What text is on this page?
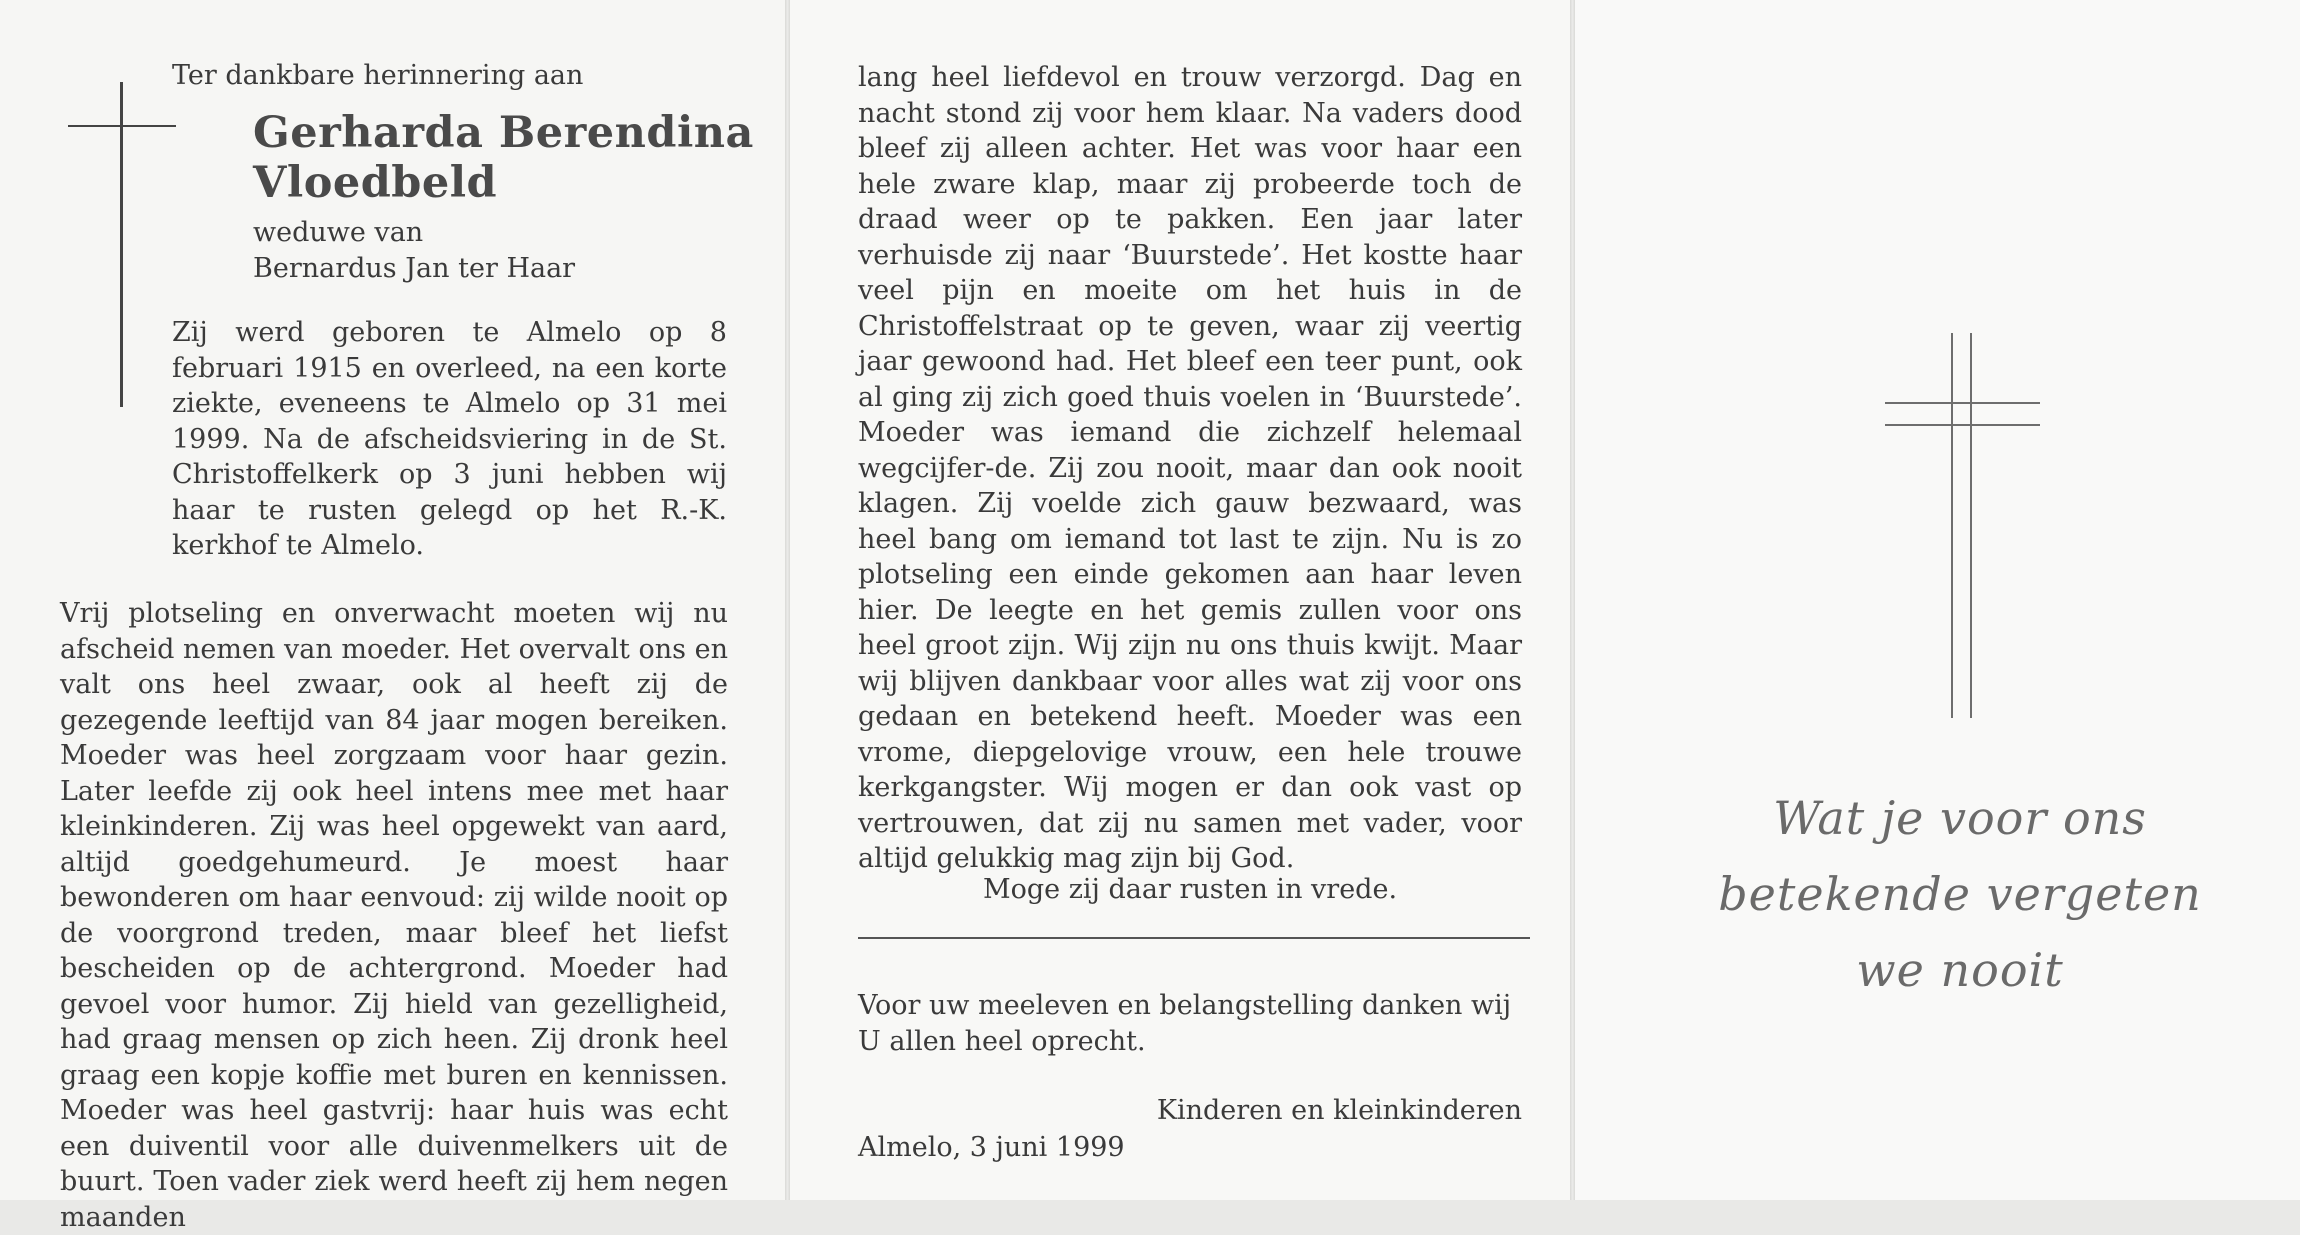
Ter dankbare herinnering aan

Gerharda Berendina
Vloedbeld
weduwe van
Bernardus Jan ter Haar

Zij werd geboren te Almelo op 8 februari 1915 en overleed, na een korte ziekte, eveneens te Almelo op 31 mei 1999. Na de afscheidsviering in de St. Christoffelkerk op 3 juni hebben wij haar te rusten gelegd op het R.-K. kerkhof te Almelo.

Vrij plotseling en onverwacht moeten wij nu afscheid nemen van moeder. Het overvalt ons en valt ons heel zwaar, ook al heeft zij de gezegende leeftijd van 84 jaar mogen bereiken. Moeder was heel zorgzaam voor haar gezin. Later leefde zij ook heel intens mee met haar kleinkinderen. Zij was heel opgewekt van aard, altijd goedgehumeurd. Je moest haar bewonderen om haar eenvoud: zij wilde nooit op de voorgrond treden, maar bleef het liefst bescheiden op de achtergrond. Moeder had gevoel voor humor. Zij hield van gezelligheid, had graag mensen op zich heen. Zij dronk heel graag een kopje koffie met buren en kennissen. Moeder was heel gastvrij: haar huis was echt een duiventil voor alle duivenmelkers uit de buurt. Toen vader ziek werd heeft zij hem negen maanden

lang heel liefdevol en trouw verzorgd. Dag en nacht stond zij voor hem klaar. Na vaders dood bleef zij alleen achter. Het was voor haar een hele zware klap, maar zij probeerde toch de draad weer op te pakken. Een jaar later verhuisde zij naar ‘Buurstede’. Het kostte haar veel pijn en moeite om het huis in de Christoffelstraat op te geven, waar zij veertig jaar gewoond had. Het bleef een teer punt, ook al ging zij zich goed thuis voelen in ‘Buurstede’. Moeder was iemand die zichzelf helemaal wegcijfer-de. Zij zou nooit, maar dan ook nooit klagen. Zij voelde zich gauw bezwaard, was heel bang om iemand tot last te zijn. Nu is zo plotseling een einde gekomen aan haar leven hier. De leegte en het gemis zullen voor ons heel groot zijn. Wij zijn nu ons thuis kwijt. Maar wij blijven dankbaar voor alles wat zij voor ons gedaan en betekend heeft. Moeder was een vrome, diepgelovige vrouw, een hele trouwe kerkgangster. Wij mogen er dan ook vast op vertrouwen, dat zij nu samen met vader, voor altijd gelukkig mag zijn bij God.

Moge zij daar rusten in vrede.

Voor uw meeleven en belangstelling danken wij U allen heel oprecht.

Kinderen en kleinkinderen

Almelo, 3 juni 1999

Wat je voor ons
betekende vergeten
we nooit
